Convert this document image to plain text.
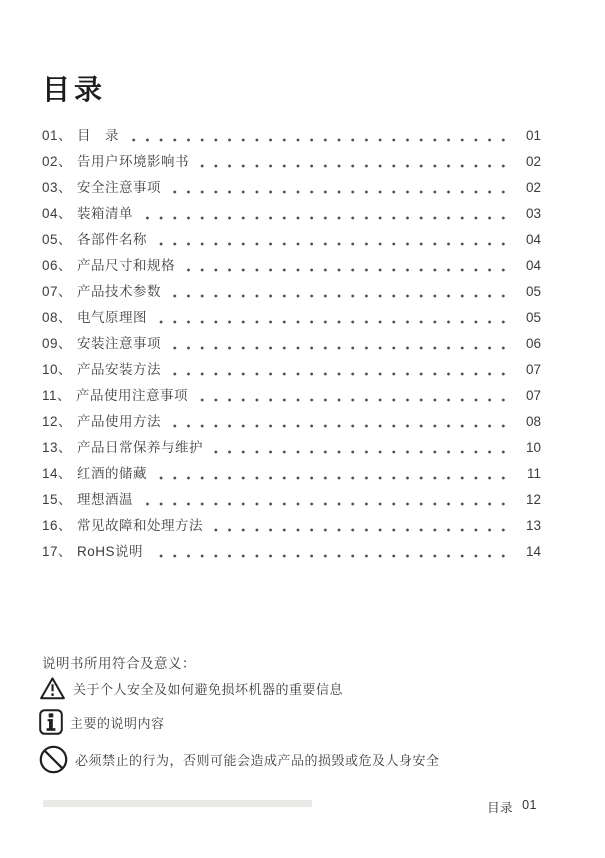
目录
01、 目　录	01
02、 告用户环境影响书	02
03、 安全注意事项	02
04、 装箱清单	03
05、 各部件名称	04
06、 产品尺寸和规格	04
07、 产品技术参数	05
08、 电气原理图	05
09、 安装注意事项	06
10、 产品安装方法	07
11、 产品使用注意事项	07
12、 产品使用方法	08
13、 产品日常保养与维护	10
14、 红酒的储藏	11
15、 理想酒温	12
16、 常见故障和处理方法	13
17、 RoHS说明	14
说明书所用符合及意义：
关于个人安全及如何避免损坏机器的重要信息
主要的说明内容
必须禁止的行为，否则可能会造成产品的损毁或危及人身安全
目录 01
